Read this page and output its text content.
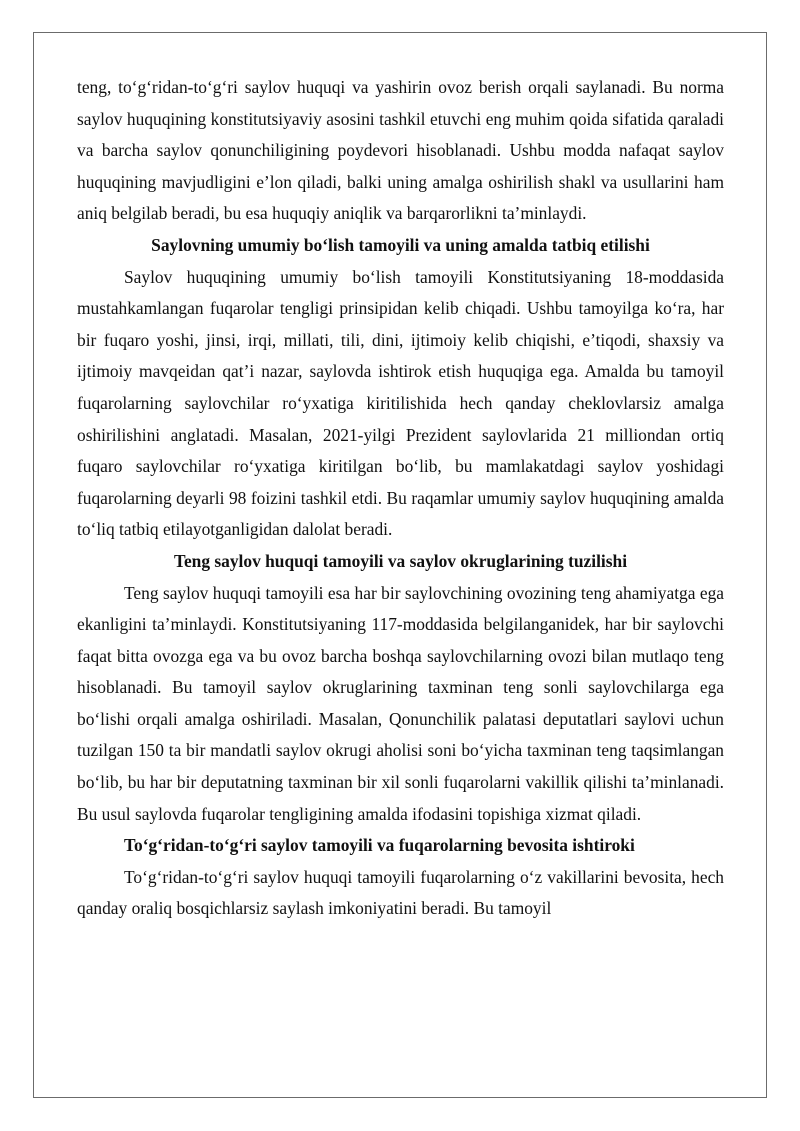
teng, to‘g‘ridan-to‘g‘ri saylov huquqi va yashirin ovoz berish orqali saylanadi. Bu norma saylov huquqining konstitutsiyaviy asosini tashkil etuvchi eng muhim qoida sifatida qaraladi va barcha saylov qonunchiligining poydevori hisoblanadi. Ushbu modda nafaqat saylov huquqining mavjudligini e’lon qiladi, balki uning amalga oshirilish shakl va usullarini ham aniq belgilab beradi, bu esa huquqiy aniqlik va barqarorlikni ta’minlaydi.

Saylovning umumiy bo‘lish tamoyili va uning amalda tatbiq etilishi

Saylov huquqining umumiy bo‘lish tamoyili Konstitutsiyaning 18-moddasida mustahkamlangan fuqarolar tengligi prinsipidan kelib chiqadi. Ushbu tamoyilga ko‘ra, har bir fuqaro yoshi, jinsi, irqi, millati, tili, dini, ijtimoiy kelib chiqishi, e’tiqodi, shaxsiy va ijtimoiy mavqeidan qat’i nazar, saylovda ishtirok etish huquqiga ega. Amalda bu tamoyil fuqarolarning saylovchilar ro‘yxatiga kiritilishida hech qanday cheklovlarsiz amalga oshirilishini anglatadi. Masalan, 2021-yilgi Prezident saylovlarida 21 milliondan ortiq fuqaro saylovchilar ro‘yxatiga kiritilgan bo‘lib, bu mamlakatdagi saylov yoshidagi fuqarolarning deyarli 98 foizini tashkil etdi. Bu raqamlar umumiy saylov huquqining amalda to‘liq tatbiq etilayotganligidan dalolat beradi.

Teng saylov huquqi tamoyili va saylov okruglarining tuzilishi

Teng saylov huquqi tamoyili esa har bir saylovchining ovozining teng ahamiyatga ega ekanligini ta’minlaydi. Konstitutsiyaning 117-moddasida belgilanganidek, har bir saylovchi faqat bitta ovozga ega va bu ovoz barcha boshqa saylovchilarning ovozi bilan mutlaqo teng hisoblanadi. Bu tamoyil saylov okruglarining taxminan teng sonli saylovchilarga ega bo‘lishi orqali amalga oshiriladi. Masalan, Qonunchilik palatasi deputatlari saylovi uchun tuzilgan 150 ta bir mandatli saylov okrugi aholisi soni bo‘yicha taxminan teng taqsimlangan bo‘lib, bu har bir deputatning taxminan bir xil sonli fuqarolarni vakillik qilishi ta’minlanadi. Bu usul saylovda fuqarolar tengligining amalda ifodasini topishiga xizmat qiladi.

To‘g‘ridan-to‘g‘ri saylov tamoyili va fuqarolarning bevosita ishtiroki

To‘g‘ridan-to‘g‘ri saylov huquqi tamoyili fuqarolarning o‘z vakillarini bevosita, hech qanday oraliq bosqichlarsiz saylash imkoniyatini beradi. Bu tamoyil
